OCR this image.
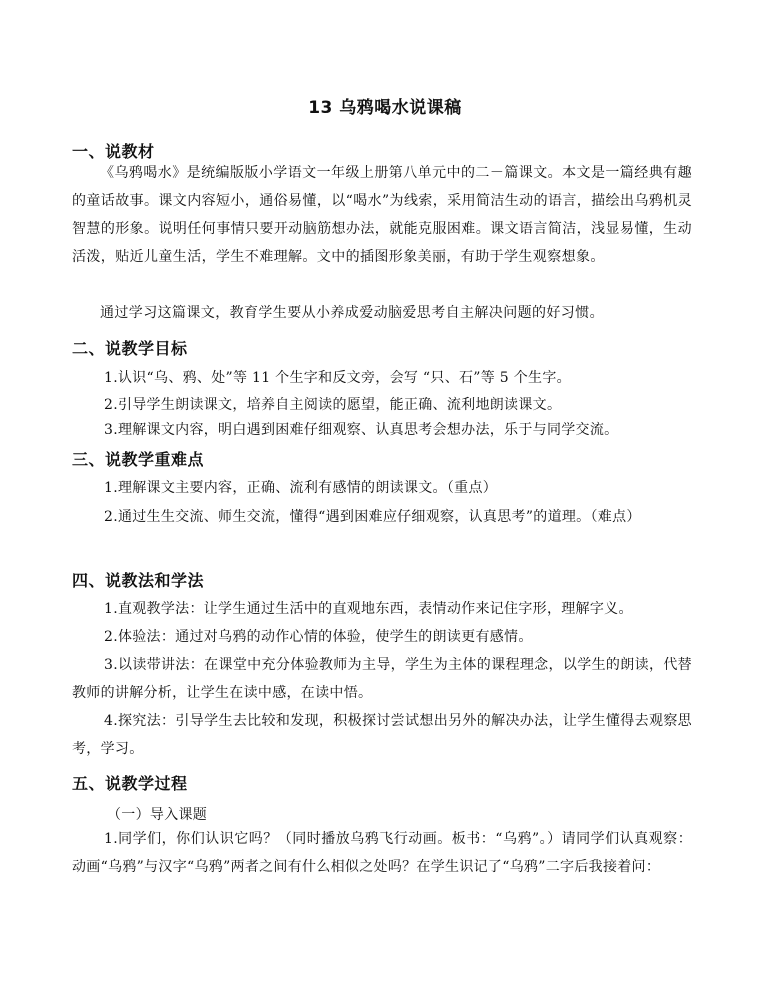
13 乌鸦喝水说课稿
一、说教材

《乌鸦喝水》是统编版版小学语文一年级上册第八单元中的二－篇课文。本文是一篇经典有趣的童话故事。课文内容短小，通俗易懂，以“喝水”为线索，采用简洁生动的语言，描绘出乌鸦机灵智慧的形象。说明任何事情只要开动脑筋想办法，就能克服困难。课文语言简洁，浅显易懂，生动活泼，贴近儿童生活，学生不难理解。文中的插图形象美丽，有助于学生观察想象。

通过学习这篇课文，教育学生要从小养成爱动脑爱思考自主解决问题的好习惯。

二、说教学目标

1.认识“乌、鸦、处”等 11 个生字和反文旁，会写 “只、石”等 5 个生字。

2.引导学生朗读课文，培养自主阅读的愿望，能正确、流利地朗读课文。

3.理解课文内容，明白遇到困难仔细观察、认真思考会想办法，乐于与同学交流。

三、说教学重难点

1.理解课文主要内容，正确、流利有感情的朗读课文。（重点）

2.通过生生交流、师生交流，懂得“遇到困难应仔细观察，认真思考”的道理。（难点）

四、说教法和学法

1.直观教学法：让学生通过生活中的直观地东西，表情动作来记住字形，理解字义。

2.体验法：通过对乌鸦的动作心情的体验，使学生的朗读更有感情。

3.以读带讲法：在课堂中充分体验教师为主导，学生为主体的课程理念，以学生的朗读，代替教师的讲解分析，让学生在读中感，在读中悟。

4.探究法：引导学生去比较和发现，积极探讨尝试想出另外的解决办法，让学生懂得去观察思考，学习。

五、说教学过程
（一）导入课题

1.同学们，你们认识它吗？（同时播放乌鸦飞行动画。板书：“乌鸦”。）请同学们认真观察：动画“乌鸦”与汉字“乌鸦”两者之间有什么相似之处吗？在学生识记了“乌鸦”二字后我接着问：
